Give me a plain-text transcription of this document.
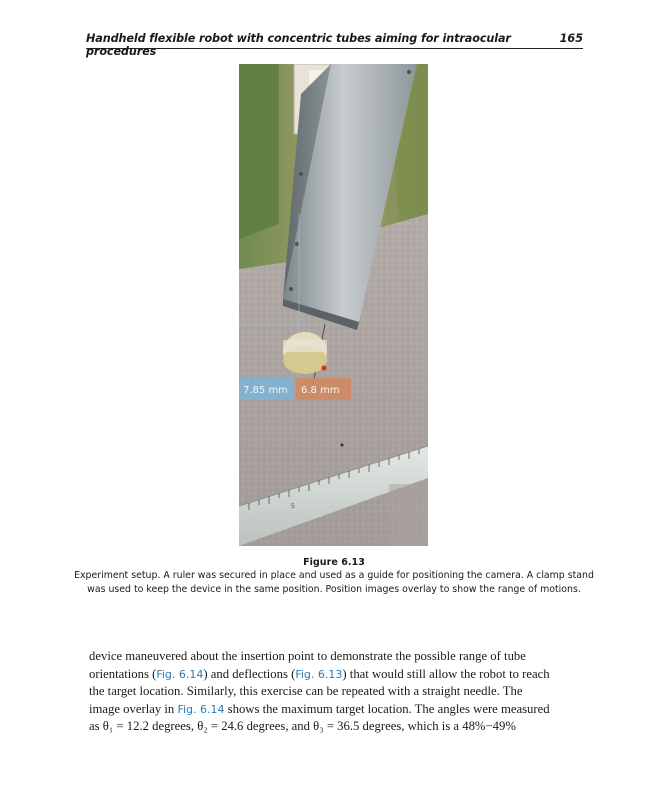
Handheld flexible robot with concentric tubes aiming for intraocular procedures
165
7.85 mm 6.8 mm
5
Figure 6.13
Experiment setup. A ruler was secured in place and used as a guide for positioning the camera. A clamp stand was used to keep the device in the same position. Position images overlay to show the range of motions.
device maneuvered about the insertion point to demonstrate the possible range of tube
orientations (Fig. 6.14) and deflections (Fig. 6.13) that would still allow the robot to reach
the target location. Similarly, this exercise can be repeated with a straight needle. The
image overlay in Fig. 6.14 shows the maximum target location. The angles were measured
as θ₁ = 12.2 degrees, θ₂ = 24.6 degrees, and θ₃ = 36.5 degrees, which is a 48%−49%
